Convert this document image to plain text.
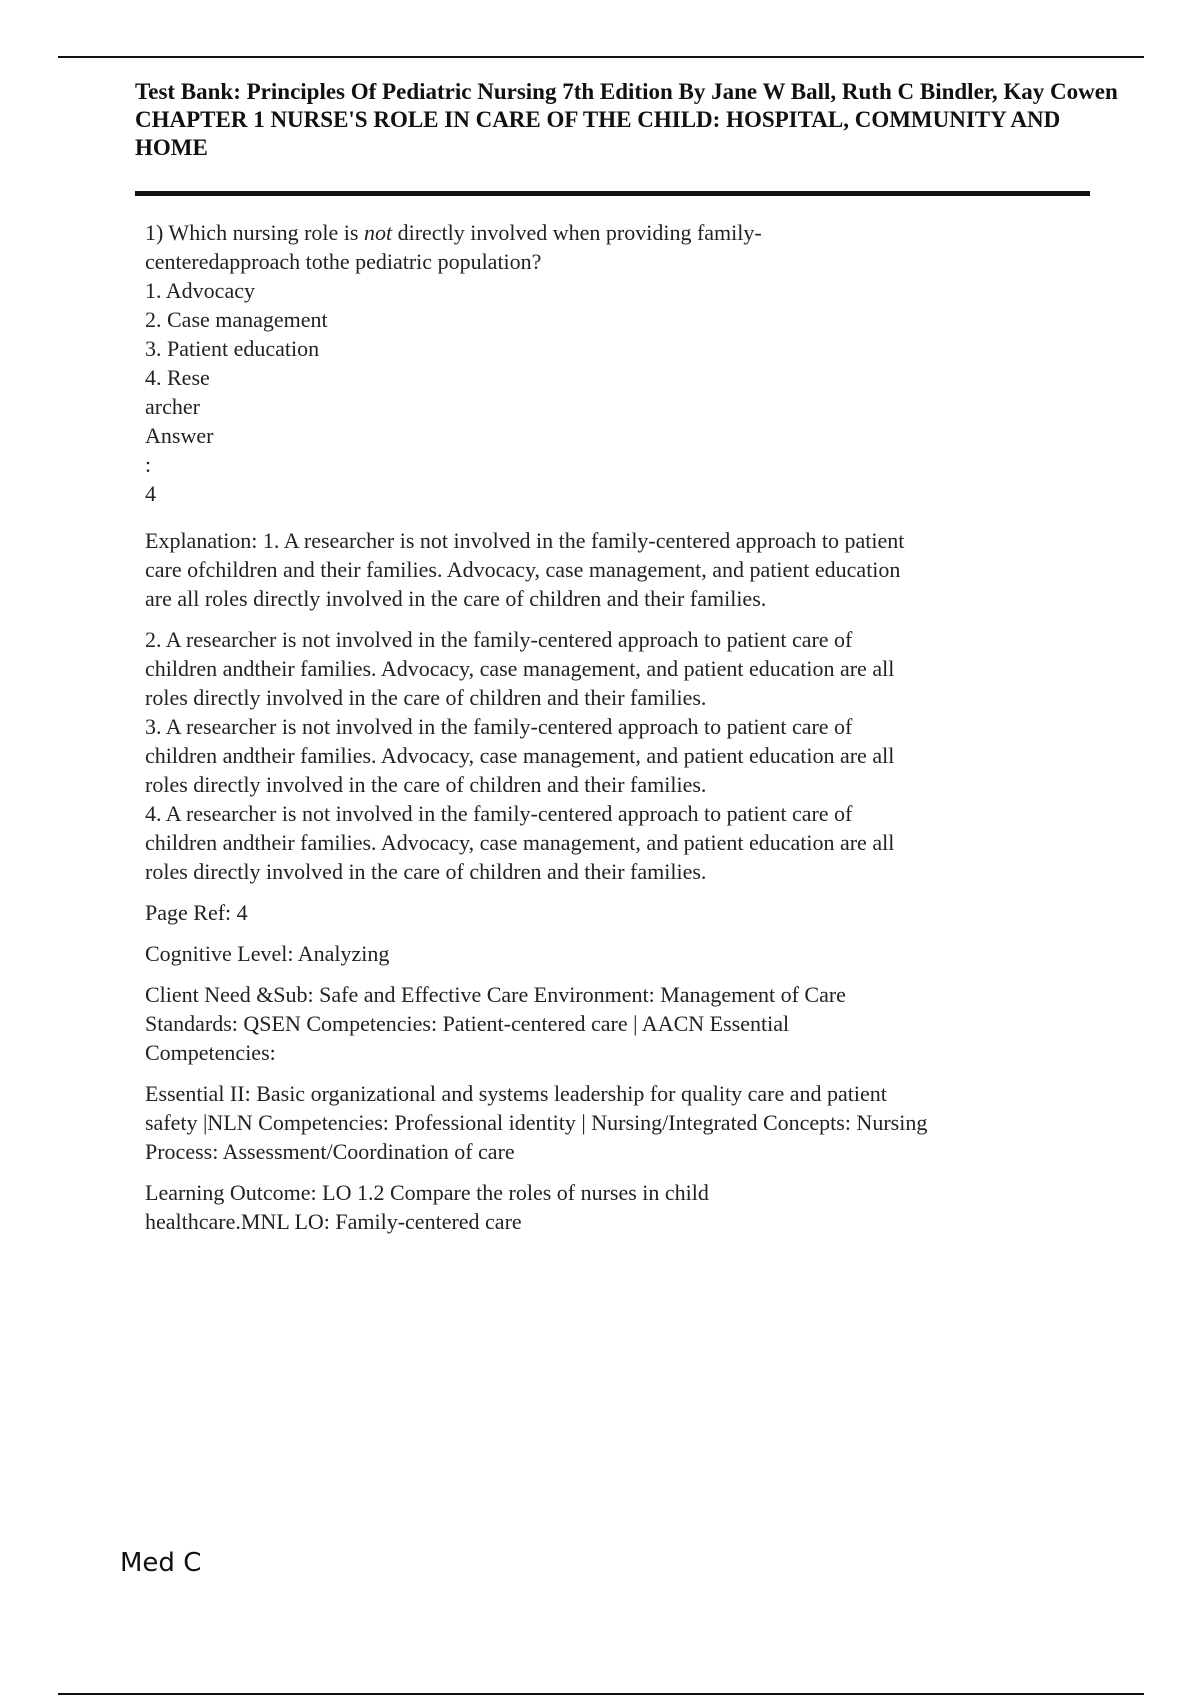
Test Bank: Principles Of Pediatric Nursing 7th Edition By Jane W Ball, Ruth C Bindler, Kay Cowen
CHAPTER 1 NURSE'S ROLE IN CARE OF THE CHILD: HOSPITAL, COMMUNITY AND HOME
1) Which nursing role is not directly involved when providing family-
centeredapproach tothe pediatric population?
1. Advocacy
2. Case management
3. Patient education
4. Rese
archer
Answer
:
4
Explanation: 1. A researcher is not involved in the family-centered approach to patient
care ofchildren and their families. Advocacy, case management, and patient education
are all roles directly involved in the care of children and their families.
2. A researcher is not involved in the family-centered approach to patient care of
children andtheir families. Advocacy, case management, and patient education are all
roles directly involved in the care of children and their families.
3. A researcher is not involved in the family-centered approach to patient care of
children andtheir families. Advocacy, case management, and patient education are all
roles directly involved in the care of children and their families.
4. A researcher is not involved in the family-centered approach to patient care of
children andtheir families. Advocacy, case management, and patient education are all
roles directly involved in the care of children and their families.

Page Ref: 4

Cognitive Level: Analyzing

Client Need &Sub: Safe and Effective Care Environment: Management of Care
Standards: QSEN Competencies: Patient-centered care | AACN Essential
Competencies:
Essential II: Basic organizational and systems leadership for quality care and patient
safety |NLN Competencies: Professional identity | Nursing/Integrated Concepts: Nursing
Process: Assessment/Coordination of care
Learning Outcome: LO 1.2 Compare the roles of nurses in child
healthcare.MNL LO: Family-centered care
Med C
